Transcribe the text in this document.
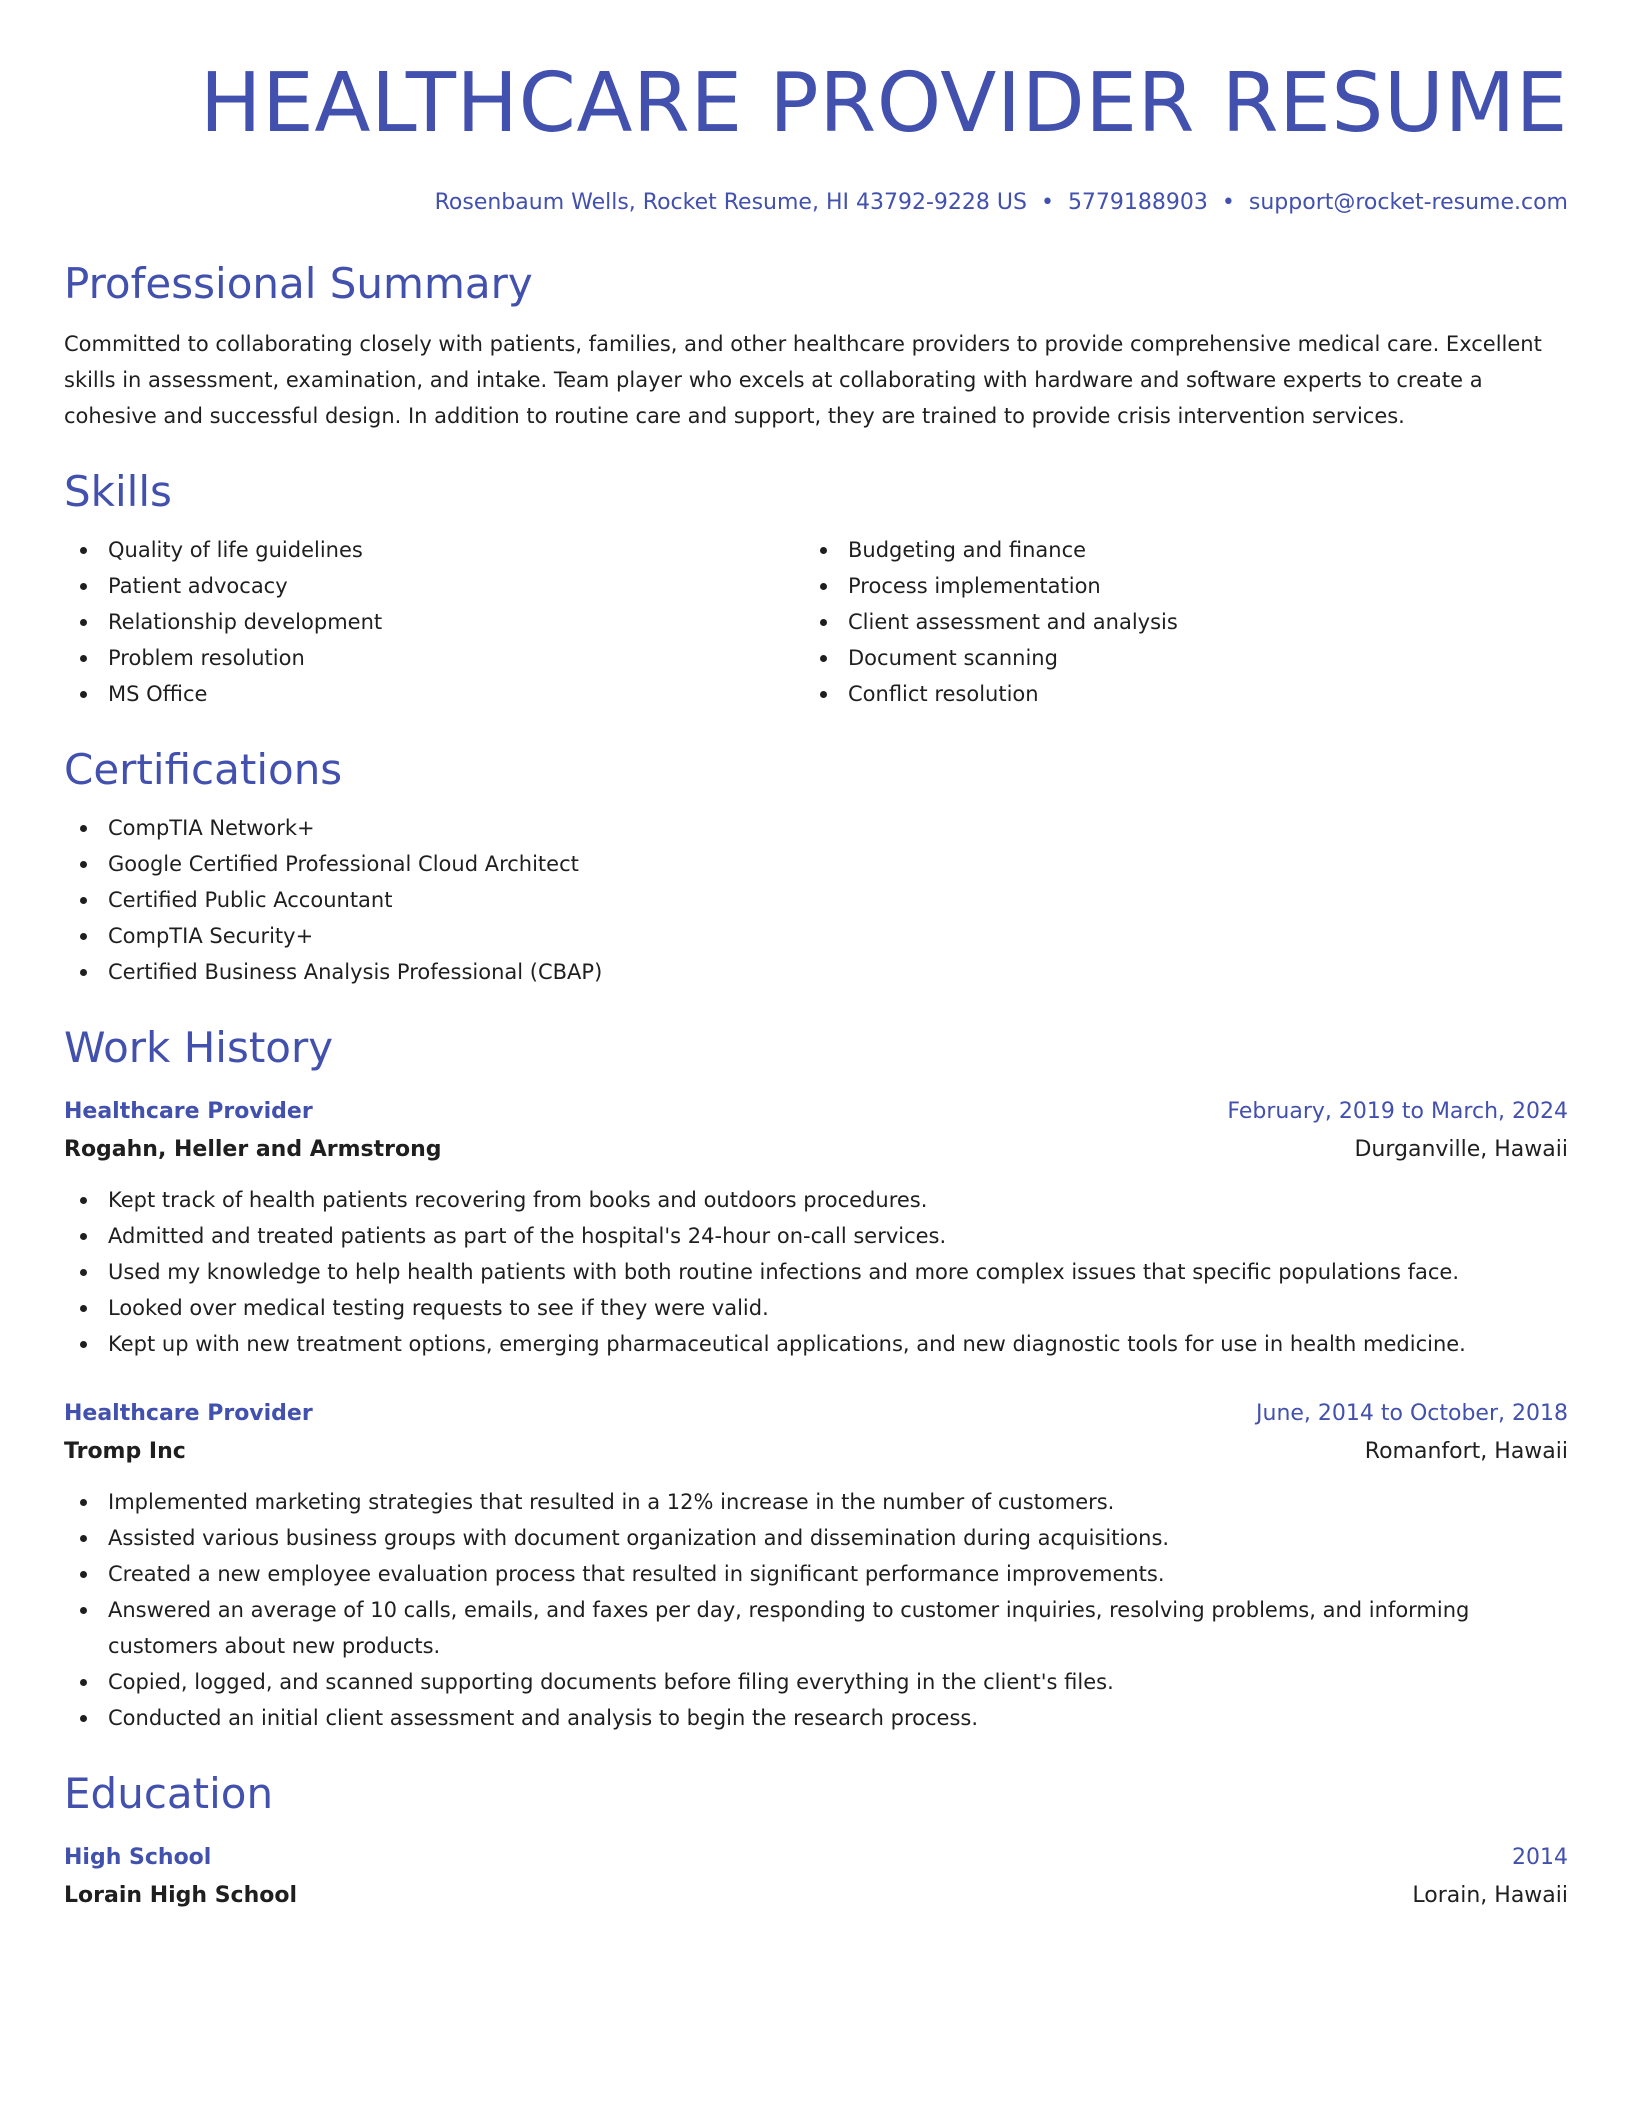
HEALTHCARE PROVIDER RESUME
Rosenbaum Wells, Rocket Resume, HI 43792-9228 US • 5779188903 • support@rocket-resume.com
Professional Summary

Committed to collaborating closely with patients, families, and other healthcare providers to provide comprehensive medical care. Excellent skills in assessment, examination, and intake. Team player who excels at collaborating with hardware and software experts to create a cohesive and successful design. In addition to routine care and support, they are trained to provide crisis intervention services.

Skills
Quality of life guidelines
Patient advocacy
Relationship development
Problem resolution
MS Office
Budgeting and finance
Process implementation
Client assessment and analysis
Document scanning
Conflict resolution
Certifications
CompTIA Network+
Google Certified Professional Cloud Architect
Certified Public Accountant
CompTIA Security+
Certified Business Analysis Professional (CBAP)
Work History
Healthcare Provider	February, 2019 to March, 2024
Rogahn, Heller and Armstrong	Durganville, Hawaii
Kept track of health patients recovering from books and outdoors procedures.
Admitted and treated patients as part of the hospital's 24-hour on-call services.
Used my knowledge to help health patients with both routine infections and more complex issues that specific populations face.
Looked over medical testing requests to see if they were valid.
Kept up with new treatment options, emerging pharmaceutical applications, and new diagnostic tools for use in health medicine.
Healthcare Provider	June, 2014 to October, 2018
Tromp Inc	Romanfort, Hawaii
Implemented marketing strategies that resulted in a 12% increase in the number of customers.
Assisted various business groups with document organization and dissemination during acquisitions.
Created a new employee evaluation process that resulted in significant performance improvements.
Answered an average of 10 calls, emails, and faxes per day, responding to customer inquiries, resolving problems, and informing customers about new products.
Copied, logged, and scanned supporting documents before filing everything in the client's files.
Conducted an initial client assessment and analysis to begin the research process.
Education
High School	2014
Lorain High School	Lorain, Hawaii
